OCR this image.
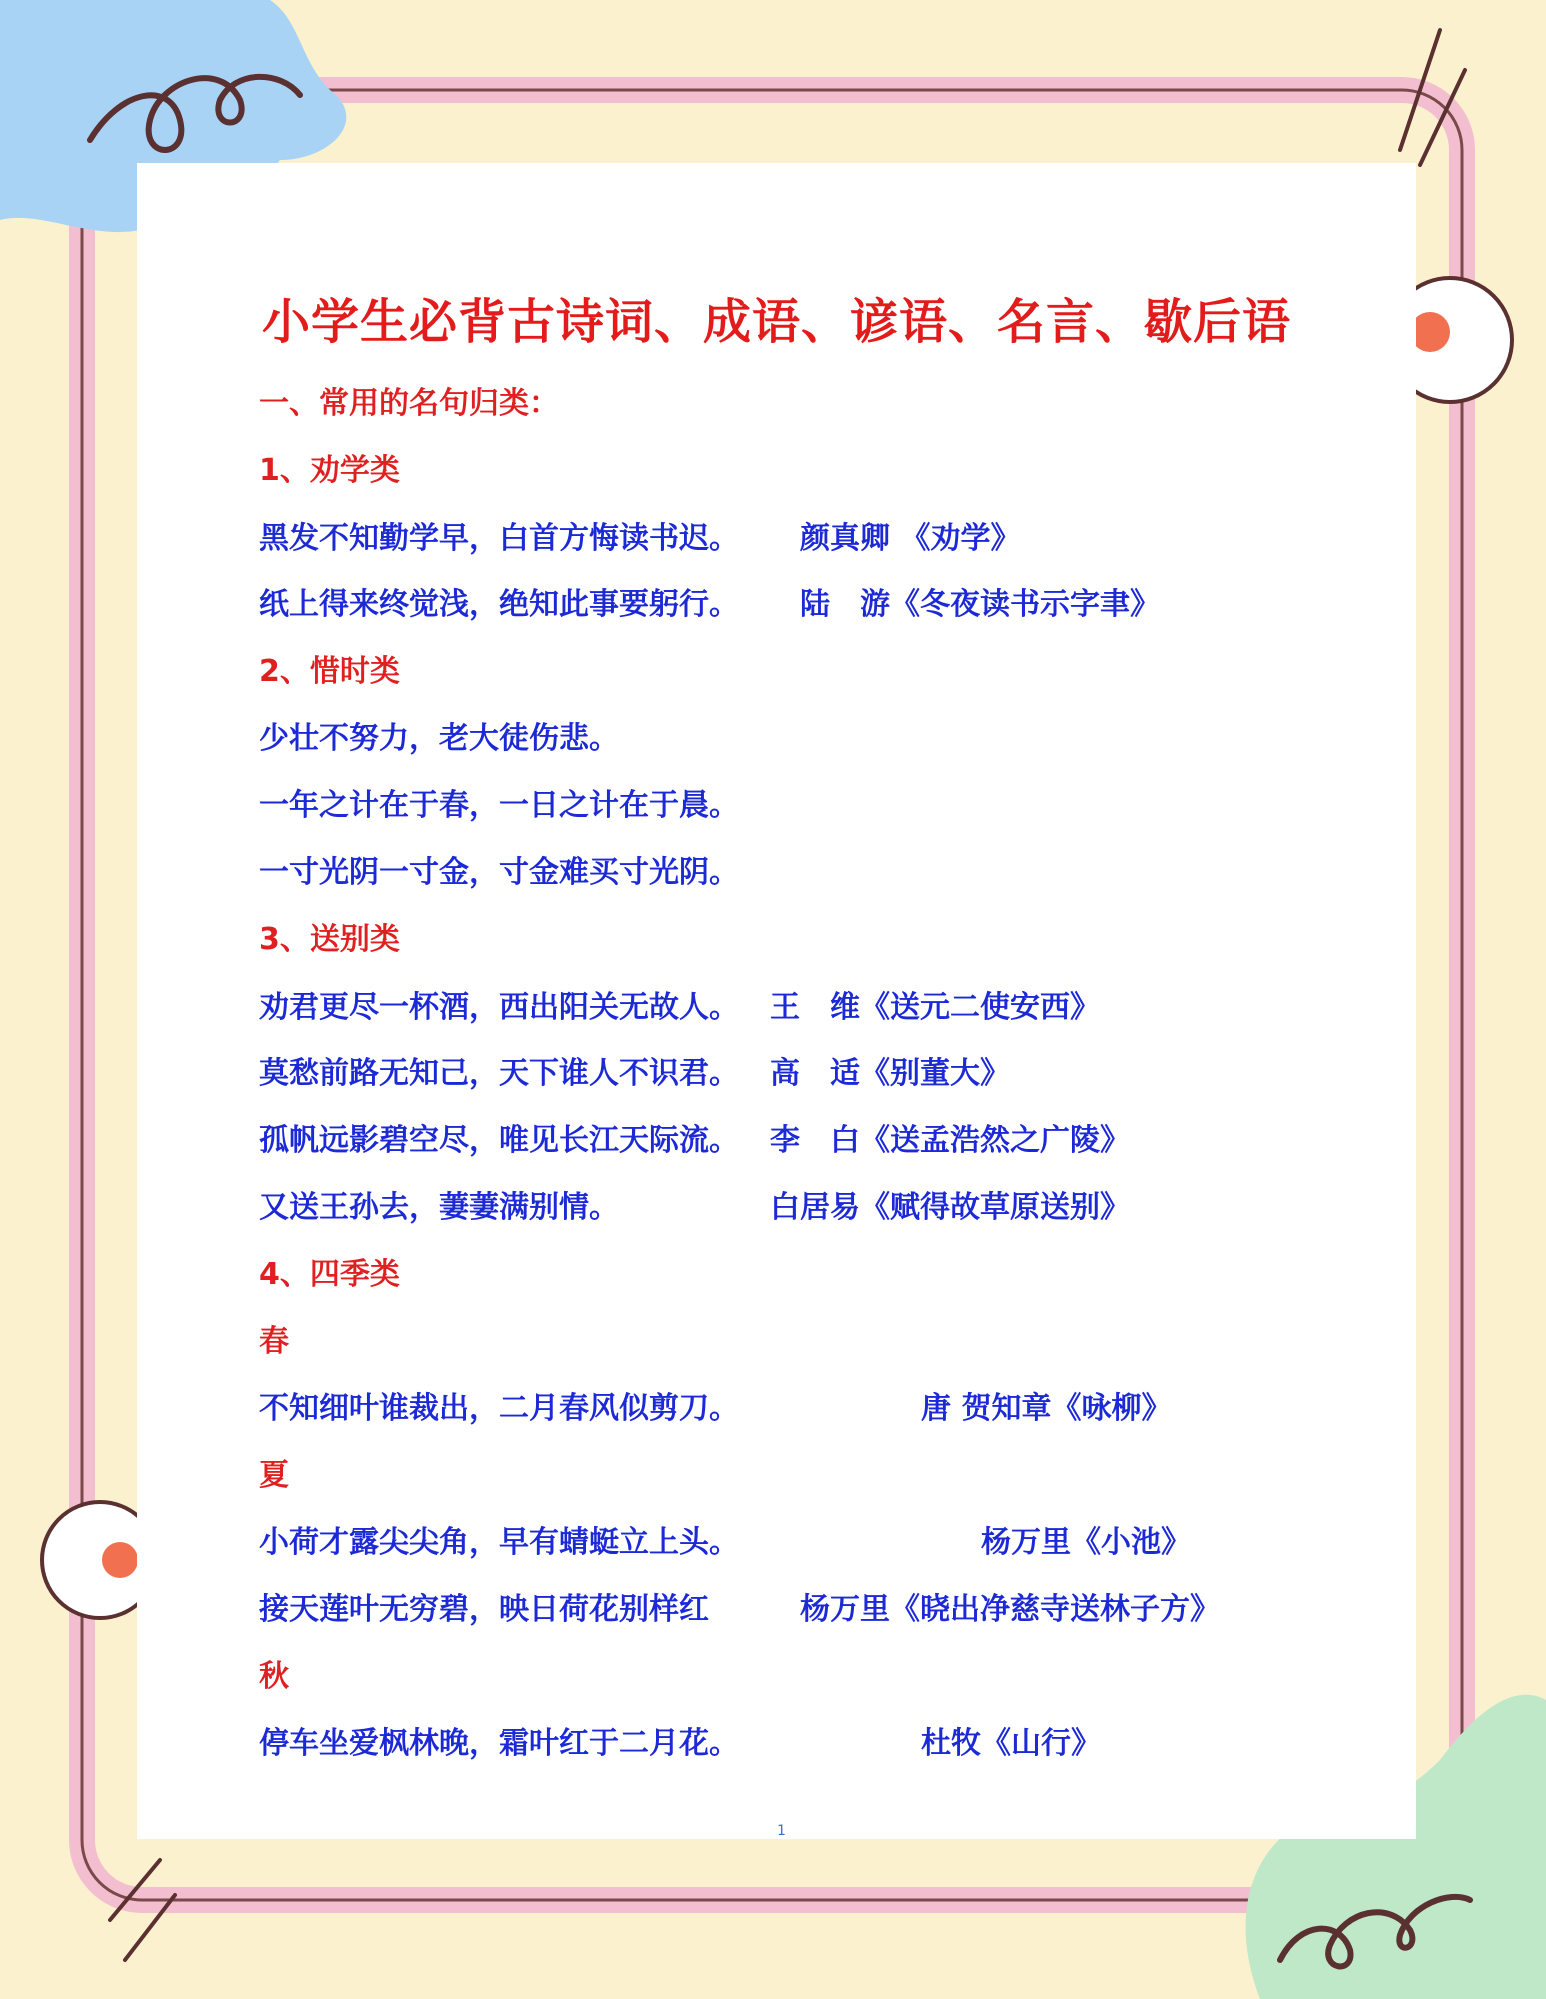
小学生必背古诗词、成语、谚语、名言、歇后语
一、常用的名句归类：
1、劝学类
黑发不知勤学早，白首方悔读书迟。 颜真卿 《劝学》
纸上得来终觉浅，绝知此事要躬行。 陆　游《冬夜读书示字聿》
2、惜时类
少壮不努力，老大徒伤悲。
一年之计在于春，一日之计在于晨。
一寸光阴一寸金，寸金难买寸光阴。
3、送别类
劝君更尽一杯酒，西出阳关无故人。 王　维《送元二使安西》
莫愁前路无知己，天下谁人不识君。 高　适《别董大》
孤帆远影碧空尽，唯见长江天际流。 李　白《送孟浩然之广陵》
又送王孙去，萋萋满别情。	白居易《赋得故草原送别》
4、四季类
春
不知细叶谁裁出，二月春风似剪刀。	唐 贺知章《咏柳》
夏
小荷才露尖尖角，早有蜻蜓立上头。	杨万里《小池》
接天莲叶无穷碧，映日荷花别样红	杨万里《晓出净慈寺送林子方》
秋
停车坐爱枫林晚，霜叶红于二月花。	杜牧《山行》
1
